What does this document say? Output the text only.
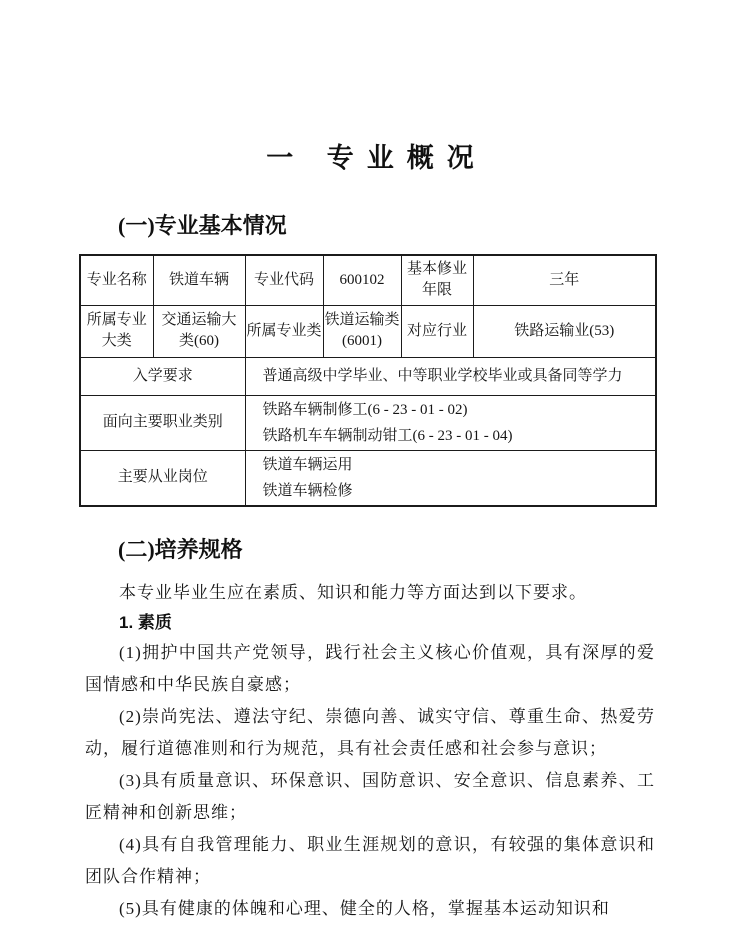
一 专业概况
(一)专业基本情况
专业名称	铁道车辆	专业代码	600102	基本修业年限	三年
所属专业大类	交通运输大类(60)	所属专业类	铁道运输类(6001)	对应行业	铁路运输业(53)
入学要求		普通高级中学毕业、中等职业学校毕业或具备同等学力			
面向主要职业类别		铁路车辆制修工(6 - 23 - 01 - 02)
铁路机车车辆制动钳工(6 - 23 - 01 - 04)			

主要从业岗位		铁道车辆运用
铁道车辆检修			
(二)培养规格

本专业毕业生应在素质、知识和能力等方面达到以下要求。

1. 素质

(1)拥护中国共产党领导，践行社会主义核心价值观，具有深厚的爱国情感和中华民族自豪感；

(2)崇尚宪法、遵法守纪、崇德向善、诚实守信、尊重生命、热爱劳动，履行道德准则和行为规范，具有社会责任感和社会参与意识；

(3)具有质量意识、环保意识、国防意识、安全意识、信息素养、工匠精神和创新思维；

(4)具有自我管理能力、职业生涯规划的意识，有较强的集体意识和团队合作精神；

(5)具有健康的体魄和心理、健全的人格，掌握基本运动知识和
